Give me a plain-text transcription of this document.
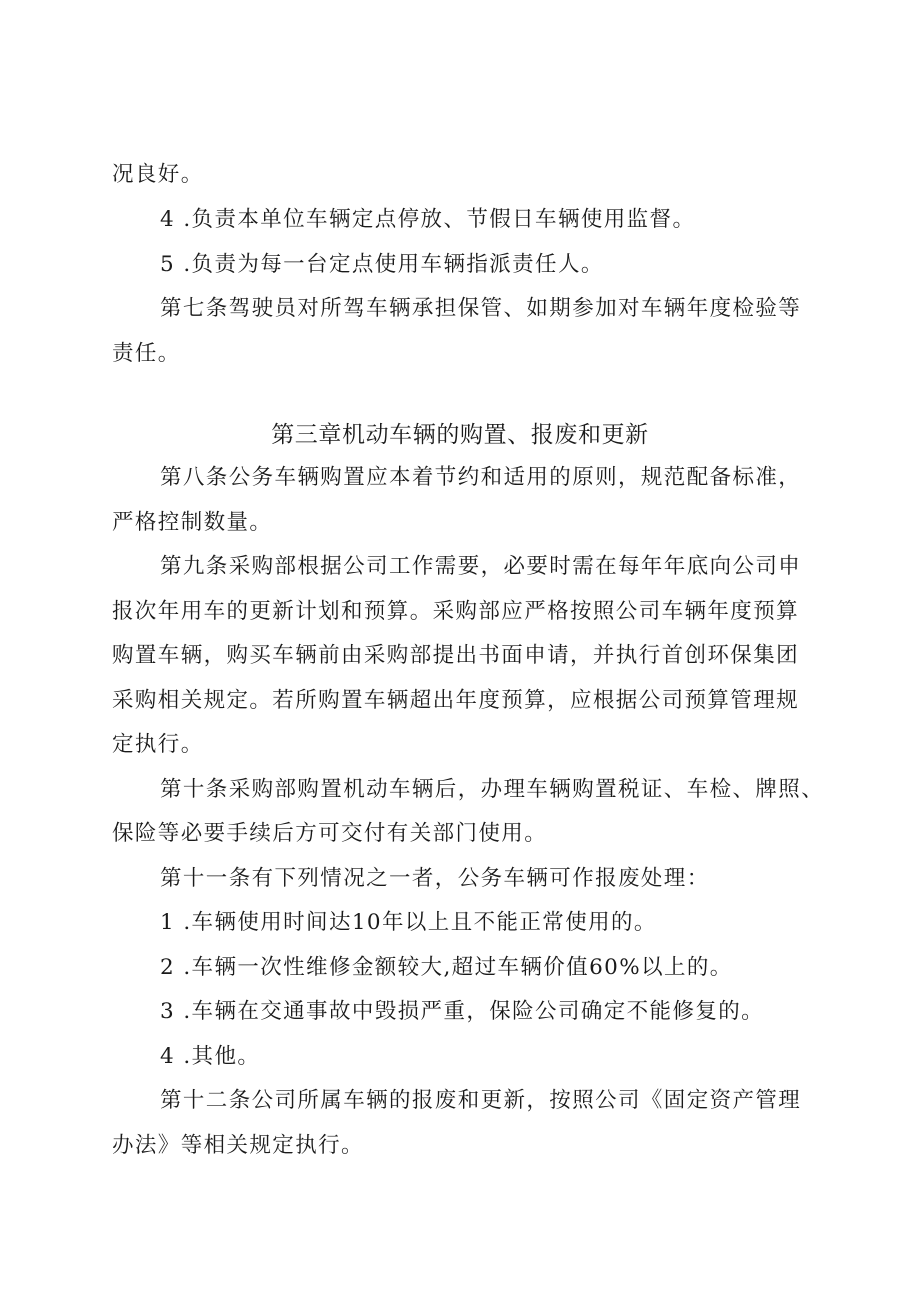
况良好。
4 .负责本单位车辆定点停放、节假日车辆使用监督。
5 .负责为每一台定点使用车辆指派责任人。
第七条驾驶员对所驾车辆承担保管、如期参加对车辆年度检验等
责任。
第三章机动车辆的购置、报废和更新
第八条公务车辆购置应本着节约和适用的原则，规范配备标准，
严格控制数量。
第九条采购部根据公司工作需要，必要时需在每年年底向公司申
报次年用车的更新计划和预算。采购部应严格按照公司车辆年度预算
购置车辆，购买车辆前由采购部提出书面申请，并执行首创环保集团
采购相关规定。若所购置车辆超出年度预算，应根据公司预算管理规
定执行。
第十条采购部购置机动车辆后，办理车辆购置税证、车检、牌照、
保险等必要手续后方可交付有关部门使用。
第十一条有下列情况之一者，公务车辆可作报废处理：
1 .车辆使用时间达10年以上且不能正常使用的。
2 .车辆一次性维修金额较大,超过车辆价值60%以上的。
3 .车辆在交通事故中毁损严重，保险公司确定不能修复的。
4 .其他。
第十二条公司所属车辆的报废和更新，按照公司《固定资产管理
办法》等相关规定执行。
